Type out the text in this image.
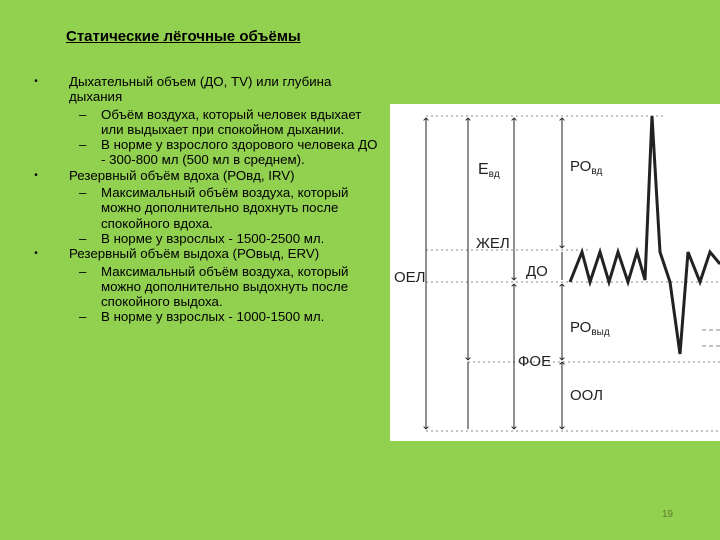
Статические лёгочные объёмы
•	Дыхательный объем (ДО, TV) или глубина дыхания
– Объём воздуха, который человек вдыхает или выдыхает при спокойном дыхании.
– В норме у взрослого здорового человека ДО - 300-800 мл (500 мл в среднем).
•	Резервный объём вдоха (РОвд, IRV)
– Максимальный объём воздуха, который можно дополнительно вдохнуть после спокойного вдоха.
– В норме у взрослых - 1500-2500 мл.
•	Резервный объём выдоха (РОвыд, ERV)
– Максимальный объём воздуха, который можно дополнительно выдохнуть после спокойного выдоха.
– В норме у взрослых - 1000-1500 мл.
ОЕЛ
ЖЕЛ
Евд
ФОЕ
$РО_{вд}$
ДО
$РО_{выд}$
ООЛ
19
